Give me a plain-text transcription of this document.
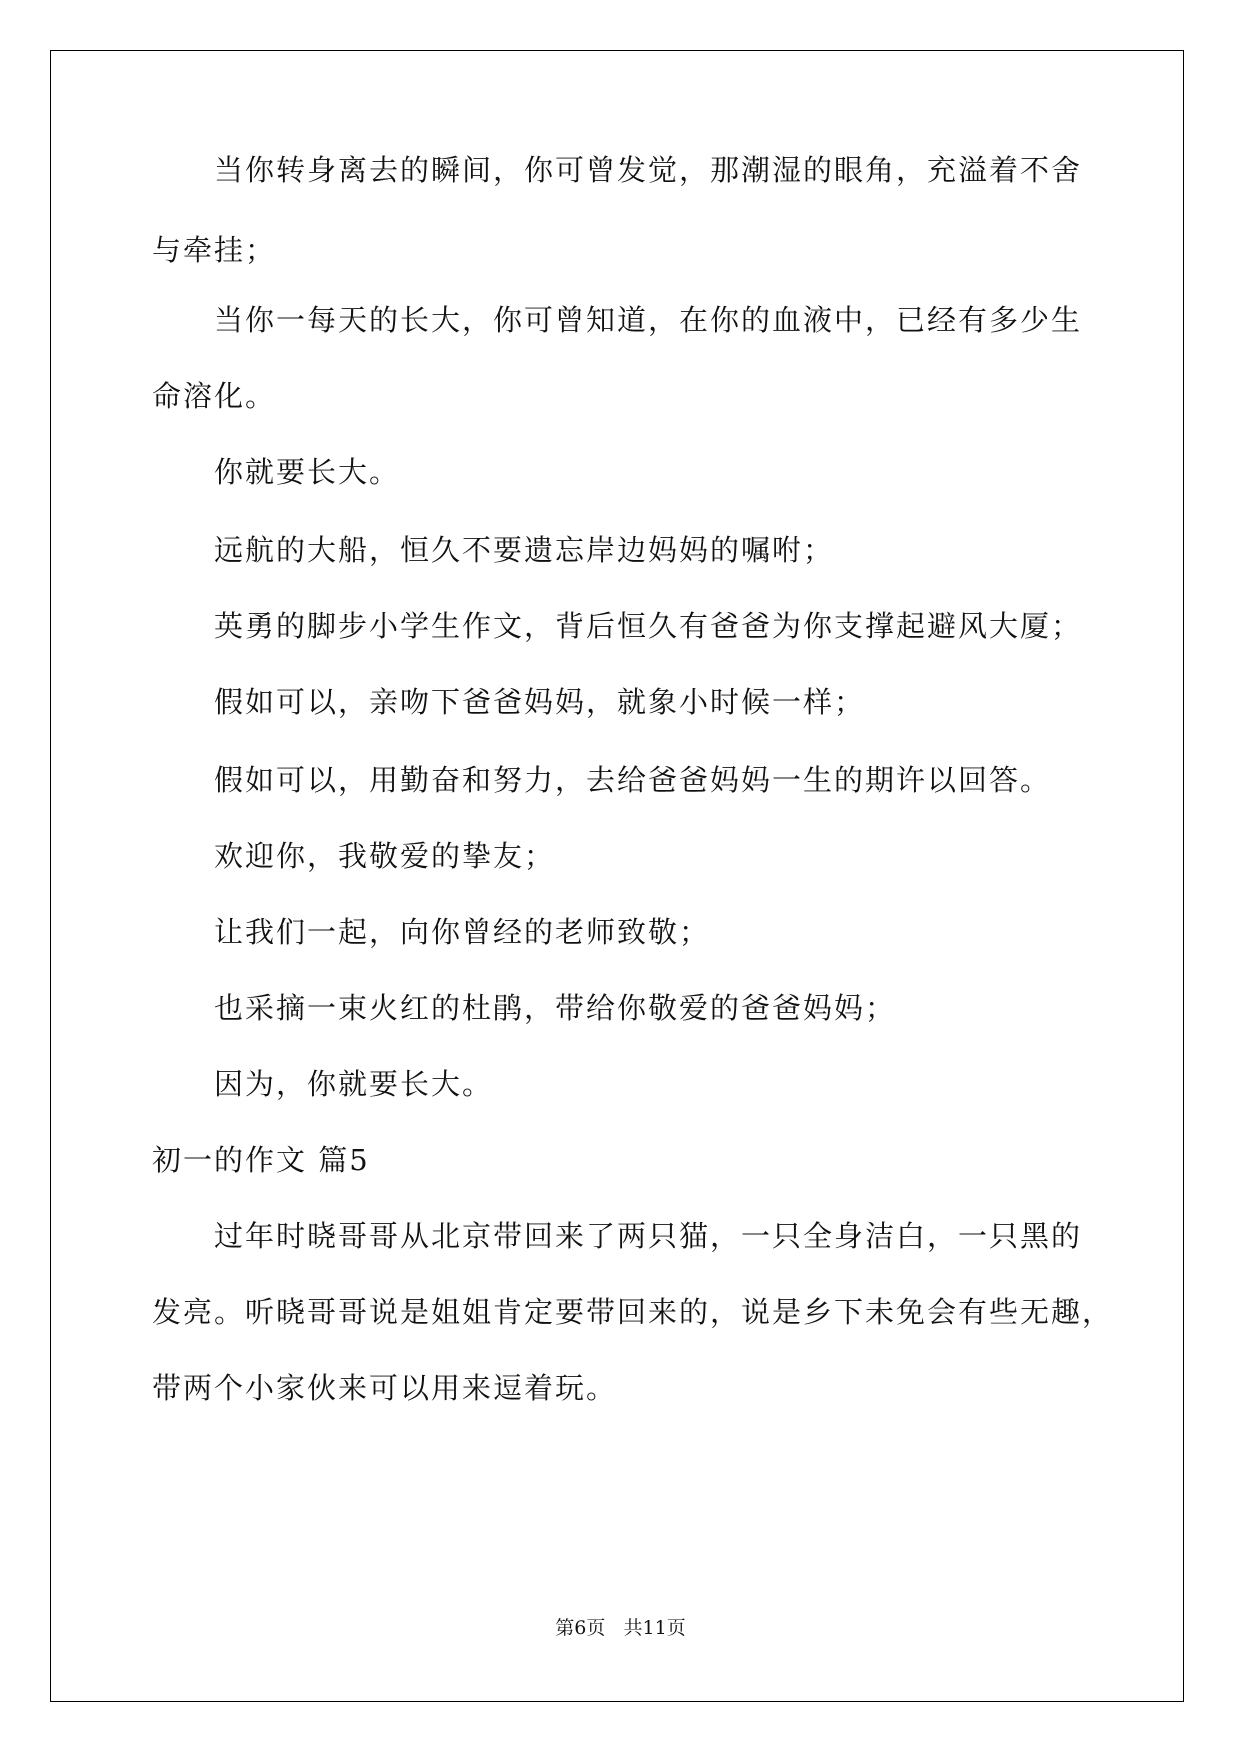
当你转身离去的瞬间，你可曾发觉，那潮湿的眼角，充溢着不舍
与牵挂；
当你一每天的长大，你可曾知道，在你的血液中，已经有多少生
命溶化。
你就要长大。
远航的大船，恒久不要遗忘岸边妈妈的嘱咐；
英勇的脚步小学生作文，背后恒久有爸爸为你支撑起避风大厦；
假如可以，亲吻下爸爸妈妈，就象小时候一样；
假如可以，用勤奋和努力，去给爸爸妈妈一生的期许以回答。
欢迎你，我敬爱的挚友；
让我们一起，向你曾经的老师致敬；
也采摘一束火红的杜鹃，带给你敬爱的爸爸妈妈；
因为，你就要长大。
初一的作文 篇5
过年时晓哥哥从北京带回来了两只猫，一只全身洁白，一只黑的
发亮。听晓哥哥说是姐姐肯定要带回来的，说是乡下未免会有些无趣，
带两个小家伙来可以用来逗着玩。
第6页 共11页
